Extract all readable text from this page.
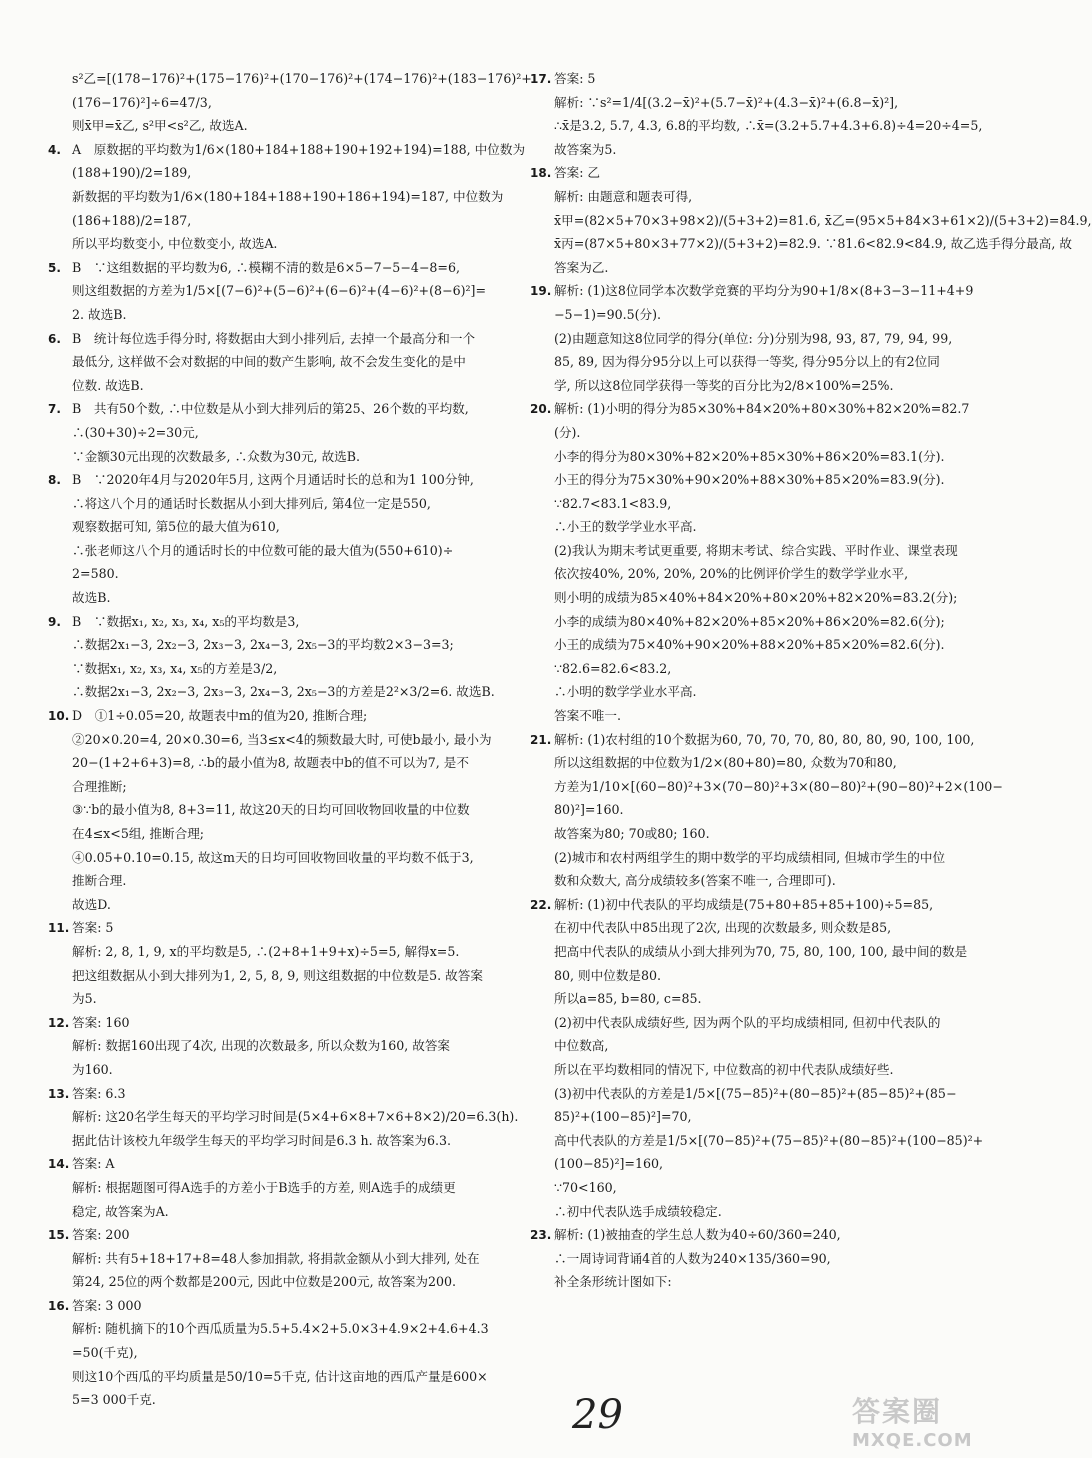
s²乙=[(178−176)²+(175−176)²+(170−176)²+(174−176)²+(183−176)²+
(176−176)²]÷6=47/3,
则x̄甲=x̄乙, s²甲<s²乙, 故选A.
4. A　原数据的平均数为1/6×(180+184+188+190+192+194)=188, 中位数为
(188+190)/2=189,
新数据的平均数为1/6×(180+184+188+190+186+194)=187, 中位数为
(186+188)/2=187,
所以平均数变小, 中位数变小, 故选A.
5. B　∵这组数据的平均数为6, ∴模糊不清的数是6×5−7−5−4−8=6,
则这组数据的方差为1/5×[(7−6)²+(5−6)²+(6−6)²+(4−6)²+(8−6)²]=
2. 故选B.
6. B　统计每位选手得分时, 将数据由大到小排列后, 去掉一个最高分和一个
最低分, 这样做不会对数据的中间的数产生影响, 故不会发生变化的是中
位数. 故选B.
7. B　共有50个数, ∴中位数是从小到大排列后的第25、26个数的平均数,
∴(30+30)÷2=30元,
∵金额30元出现的次数最多, ∴众数为30元, 故选B.
8. B　∵2020年4月与2020年5月, 这两个月通话时长的总和为1 100分钟,
∴将这八个月的通话时长数据从小到大排列后, 第4位一定是550,
观察数据可知, 第5位的最大值为610,
∴张老师这八个月的通话时长的中位数可能的最大值为(550+610)÷
2=580.
故选B.
9. B　∵数据x₁, x₂, x₃, x₄, x₅的平均数是3,
∴数据2x₁−3, 2x₂−3, 2x₃−3, 2x₄−3, 2x₅−3的平均数2×3−3=3;
∵数据x₁, x₂, x₃, x₄, x₅的方差是3/2,
∴数据2x₁−3, 2x₂−3, 2x₃−3, 2x₄−3, 2x₅−3的方差是2²×3/2=6. 故选B.
10. D　①1÷0.05=20, 故题表中m的值为20, 推断合理;
②20×0.20=4, 20×0.30=6, 当3≤x<4的频数最大时, 可使b最小, 最小为
20−(1+2+6+3)=8, ∴b的最小值为8, 故题表中b的值不可以为7, 是不
合理推断;
③∵b的最小值为8, 8+3=11, 故这20天的日均可回收物回收量的中位数
在4≤x<5组, 推断合理;
④0.05+0.10=0.15, 故这m天的日均可回收物回收量的平均数不低于3,
推断合理.
故选D.
11. 答案: 5
解析: 2, 8, 1, 9, x的平均数是5, ∴(2+8+1+9+x)÷5=5, 解得x=5.
把这组数据从小到大排列为1, 2, 5, 8, 9, 则这组数据的中位数是5. 故答案
为5.
12. 答案: 160
解析: 数据160出现了4次, 出现的次数最多, 所以众数为160, 故答案
为160.
13. 答案: 6.3
解析: 这20名学生每天的平均学习时间是(5×4+6×8+7×6+8×2)/20=6.3(h).
据此估计该校九年级学生每天的平均学习时间是6.3 h. 故答案为6.3.
14. 答案: A
解析: 根据题图可得A选手的方差小于B选手的方差, 则A选手的成绩更
稳定, 故答案为A.
15. 答案: 200
解析: 共有5+18+17+8=48人参加捐款, 将捐款金额从小到大排列, 处在
第24, 25位的两个数都是200元, 因此中位数是200元, 故答案为200.
16. 答案: 3 000
解析: 随机摘下的10个西瓜质量为5.5+5.4×2+5.0×3+4.9×2+4.6+4.3
=50(千克),
则这10个西瓜的平均质量是50/10=5千克, 估计这亩地的西瓜产量是600×
5=3 000千克.
17. 答案: 5
解析: ∵s²=1/4[(3.2−x̄)²+(5.7−x̄)²+(4.3−x̄)²+(6.8−x̄)²],
∴x̄是3.2, 5.7, 4.3, 6.8的平均数, ∴x̄=(3.2+5.7+4.3+6.8)÷4=20÷4=5,
故答案为5.
18. 答案: 乙
解析: 由题意和题表可得,
x̄甲=(82×5+70×3+98×2)/(5+3+2)=81.6, x̄乙=(95×5+84×3+61×2)/(5+3+2)=84.9,
x̄丙=(87×5+80×3+77×2)/(5+3+2)=82.9. ∵81.6<82.9<84.9, 故乙选手得分最高, 故
答案为乙.
19. 解析: (1)这8位同学本次数学竞赛的平均分为90+1/8×(8+3−3−11+4+9
−5−1)=90.5(分).
(2)由题意知这8位同学的得分(单位: 分)分别为98, 93, 87, 79, 94, 99,
85, 89, 因为得分95分以上可以获得一等奖, 得分95分以上的有2位同
学, 所以这8位同学获得一等奖的百分比为2/8×100%=25%.
20. 解析: (1)小明的得分为85×30%+84×20%+80×30%+82×20%=82.7
(分).
小李的得分为80×30%+82×20%+85×30%+86×20%=83.1(分).
小王的得分为75×30%+90×20%+88×30%+85×20%=83.9(分).
∵82.7<83.1<83.9,
∴小王的数学学业水平高.
(2)我认为期末考试更重要, 将期末考试、综合实践、平时作业、课堂表现
依次按40%, 20%, 20%, 20%的比例评价学生的数学学业水平,
则小明的成绩为85×40%+84×20%+80×20%+82×20%=83.2(分);
小李的成绩为80×40%+82×20%+85×20%+86×20%=82.6(分);
小王的成绩为75×40%+90×20%+88×20%+85×20%=82.6(分).
∵82.6=82.6<83.2,
∴小明的数学学业水平高.
答案不唯一.
21. 解析: (1)农村组的10个数据为60, 70, 70, 70, 80, 80, 80, 90, 100, 100,
所以这组数据的中位数为1/2×(80+80)=80, 众数为70和80,
方差为1/10×[(60−80)²+3×(70−80)²+3×(80−80)²+(90−80)²+2×(100−
80)²]=160.
故答案为80; 70或80; 160.
(2)城市和农村两组学生的期中数学的平均成绩相同, 但城市学生的中位
数和众数大, 高分成绩较多(答案不唯一, 合理即可).
22. 解析: (1)初中代表队的平均成绩是(75+80+85+85+100)÷5=85,
在初中代表队中85出现了2次, 出现的次数最多, 则众数是85,
把高中代表队的成绩从小到大排列为70, 75, 80, 100, 100, 最中间的数是
80, 则中位数是80.
所以a=85, b=80, c=85.
(2)初中代表队成绩好些, 因为两个队的平均成绩相同, 但初中代表队的
中位数高,
所以在平均数相同的情况下, 中位数高的初中代表队成绩好些.
(3)初中代表队的方差是1/5×[(75−85)²+(80−85)²+(85−85)²+(85−
85)²+(100−85)²]=70,
高中代表队的方差是1/5×[(70−85)²+(75−85)²+(80−85)²+(100−85)²+
(100−85)²]=160,
∵70<160,
∴初中代表队选手成绩较稳定.
23. 解析: (1)被抽查的学生总人数为40÷60/360=240,
∴一周诗词背诵4首的人数为240×135/360=90,
补全条形统计图如下:
29	答案圈
MXQE.COM
